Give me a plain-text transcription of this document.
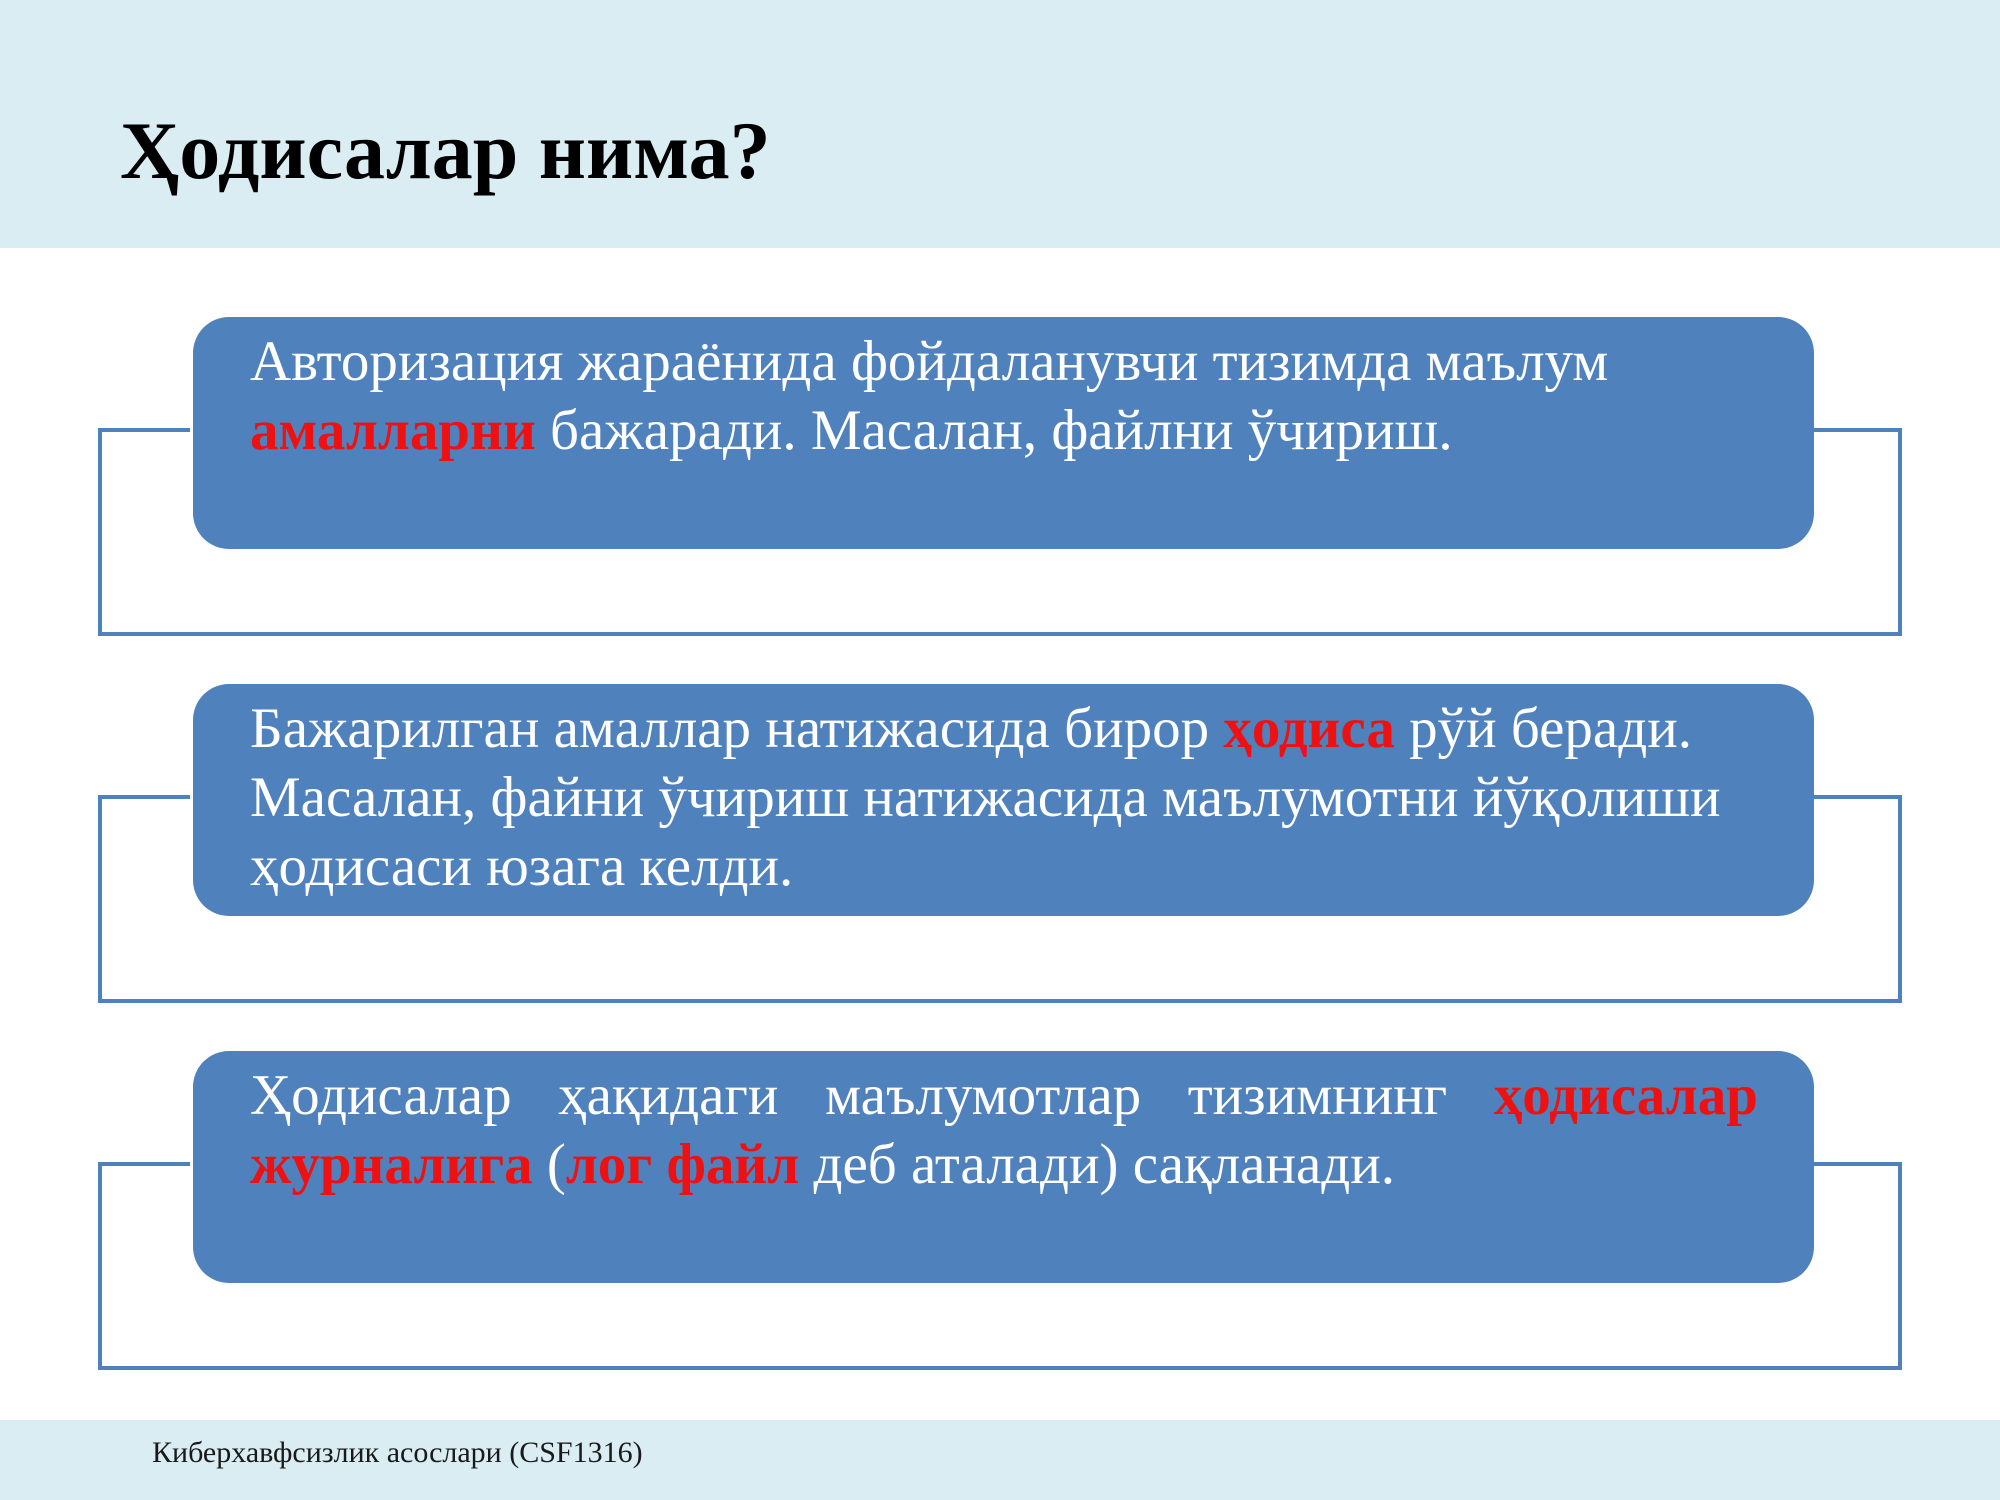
Ҳодисалар нима?

Авторизация жараёнида фойдаланувчи тизимда маълум амалларни бажаради. Масалан, файлни ўчириш.

Бажарилган амаллар натижасида бирор ҳодиса рўй беради. Масалан, файни ўчириш натижасида маълумотни йўқолиши ҳодисаси юзага келди.

Ҳодисалар ҳақидаги маълумотлар тизимнинг ҳодисалар журналига (лог файл деб аталади) сақланади.

Киберхавфсизлик асослари (CSF1316)
